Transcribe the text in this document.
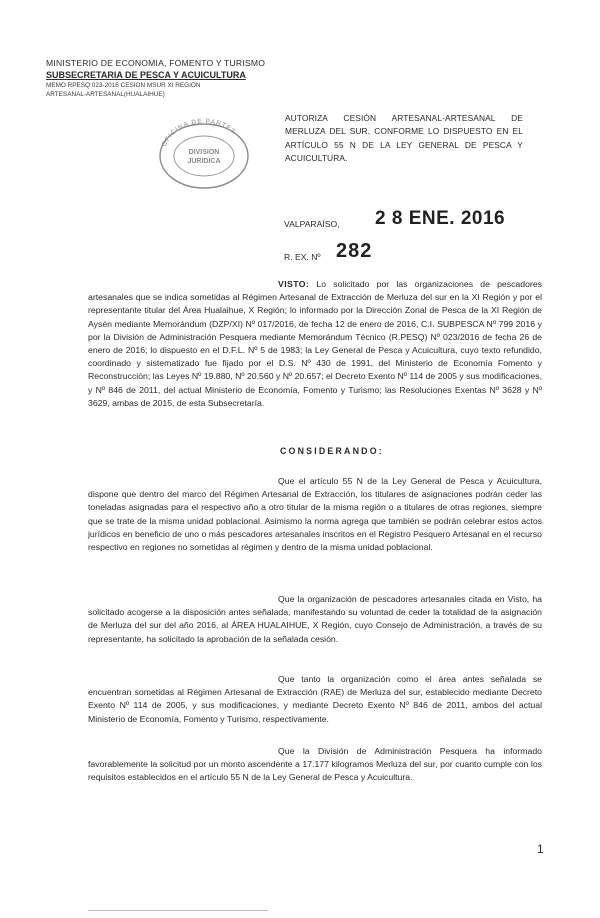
MINISTERIO DE ECONOMIA, FOMENTO Y TURISMO
SUBSECRETARIA DE PESCA Y ACUICULTURA
MEMO RPESQ 023-2016 CESION MSUR XI REGION
ARTESANAL-ARTESANAL(HUALAIHUE)
OFICINA DE PARTES
DIVISION
JURIDICA
AUTORIZA CESIÓN ARTESANAL-ARTESANAL DE MERLUZA DEL SUR, CONFORME LO DISPUESTO EN EL ARTÍCULO 55 N DE LA LEY GENERAL DE PESCA Y ACUICULTURA.
VALPARAÍSO, 2 8 ENE. 2016
R. EX. Nº 282

VISTO: Lo solicitado por las organizaciones de pescadores artesanales que se indica sometidas al Régimen Artesanal de Extracción de Merluza del sur en la XI Región y por el representante titular del Área Hualaihue, X Región; lo informado por la Dirección Zonal de Pesca de la XI Región de Aysén mediante Memorándum (DZP/XI) Nº 017/2016, de fecha 12 de enero de 2016, C.I. SUBPESCA Nº 799 2016 y por la División de Administración Pesquera mediante Memorándum Técnico (R.PESQ) Nº 023/2016 de fecha 26 de enero de 2016; lo dispuesto en el D.F.L. Nº 5 de 1983; la Ley General de Pesca y Acuicultura, cuyo texto refundido, coordinado y sistematizado fue fijado por el D.S. Nº 430 de 1991, del Ministerio de Economía Fomento y Reconstrucción; las Leyes Nº 19.880, Nº 20.560 y Nº 20.657; el Decreto Exento Nº 114 de 2005 y sus modificaciones, y Nº 846 de 2011, del actual Ministerio de Economía, Fomento y Turismo; las Resoluciones Exentas Nº 3628 y Nº 3629, ambas de 2015, de esta Subsecretaría.

CONSIDERANDO:

Que el artículo 55 N de la Ley General de Pesca y Acuicultura, dispone que dentro del marco del Régimen Artesanal de Extracción, los titulares de asignaciones podrán ceder las toneladas asignadas para el respectivo año a otro titular de la misma región o a titulares de otras regiones, siempre que se trate de la misma unidad poblacional. Asimismo la norma agrega que también se podrán celebrar estos actos jurídicos en beneficio de uno o más pescadores artesanales inscritos en el Registro Pesquero Artesanal en el recurso respectivo en regiones no sometidas al régimen y dentro de la misma unidad poblacional.

Que la organización de pescadores artesanales citada en Visto, ha solicitado acogerse a la disposición antes señalada, manifestando su voluntad de ceder la totalidad de la asignación de Merluza del sur del año 2016, al ÁREA HUALAIHUE, X Región, cuyo Consejo de Administración, a través de su representante, ha solicitado la aprobación de la señalada cesión.

Que tanto la organización como el área antes señalada se encuentran sometidas al Régimen Artesanal de Extracción (RAE) de Merluza del sur, establecido mediante Decreto Exento Nº 114 de 2005, y sus modificaciones, y mediante Decreto Exento Nº 846 de 2011, ambos del actual Ministerio de Economía, Fomento y Turismo, respectivamente.

Que la División de Administración Pesquera ha informado favorablemente la solicitud por un monto ascendente a 17.177 kilogramos Merluza del sur, por cuanto cumple con los requisitos establecidos en el artículo 55 N de la Ley General de Pesca y Acuicultura.

1
